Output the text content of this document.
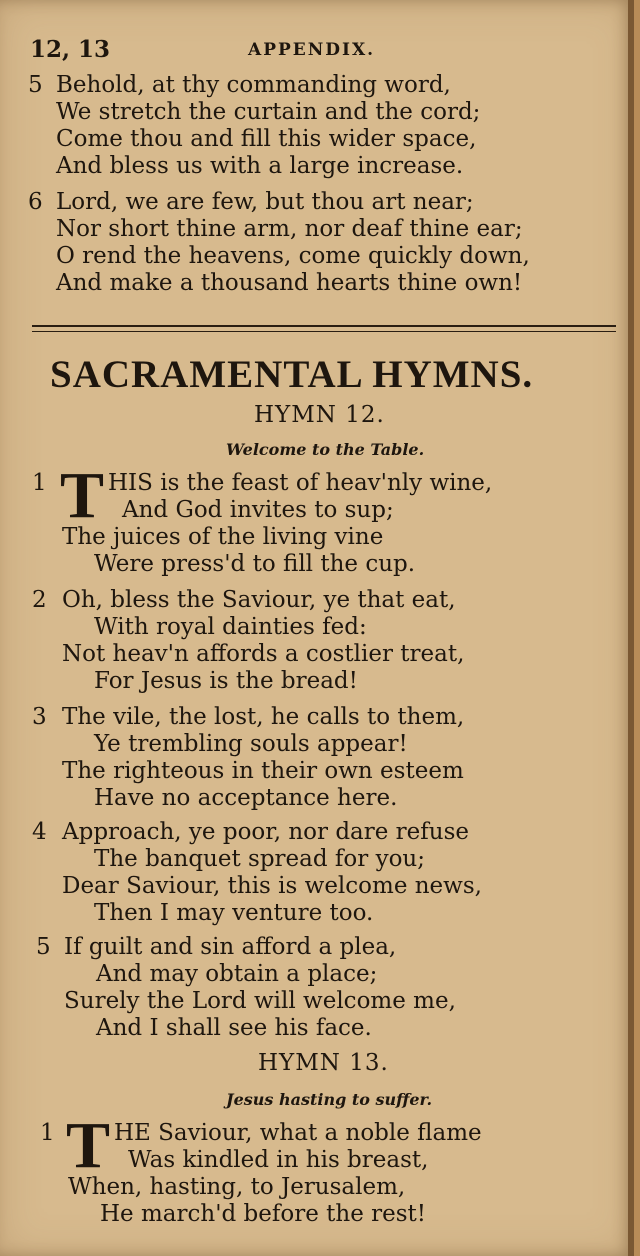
12, 13	APPENDIX.
5 Behold, at thy commanding word,
We stretch the curtain and the cord;
Come thou and fill this wider space,
And bless us with a large increase.
6 Lord, we are few, but thou art near;
Nor short thine arm, nor deaf thine ear;
O rend the heavens, come quickly down,
And make a thousand hearts thine own!
SACRAMENTAL HYMNS.
HYMN 12.
Welcome to the Table.
1 T HIS is the feast of heav'nly wine,
And God invites to sup;
The juices of the living vine
Were press'd to fill the cup.
2 Oh, bless the Saviour, ye that eat,
With royal dainties fed:
Not heav'n affords a costlier treat,
For Jesus is the bread!
3 The vile, the lost, he calls to them,
Ye trembling souls appear!
The righteous in their own esteem
Have no acceptance here.
4 Approach, ye poor, nor dare refuse
The banquet spread for you;
Dear Saviour, this is welcome news,
Then I may venture too.
5 If guilt and sin afford a plea,
And may obtain a place;
Surely the Lord will welcome me,
And I shall see his face.
HYMN 13.
Jesus hasting to suffer.
1 T HE Saviour, what a noble flame
Was kindled in his breast,
When, hasting, to Jerusalem,
He march'd before the rest!
